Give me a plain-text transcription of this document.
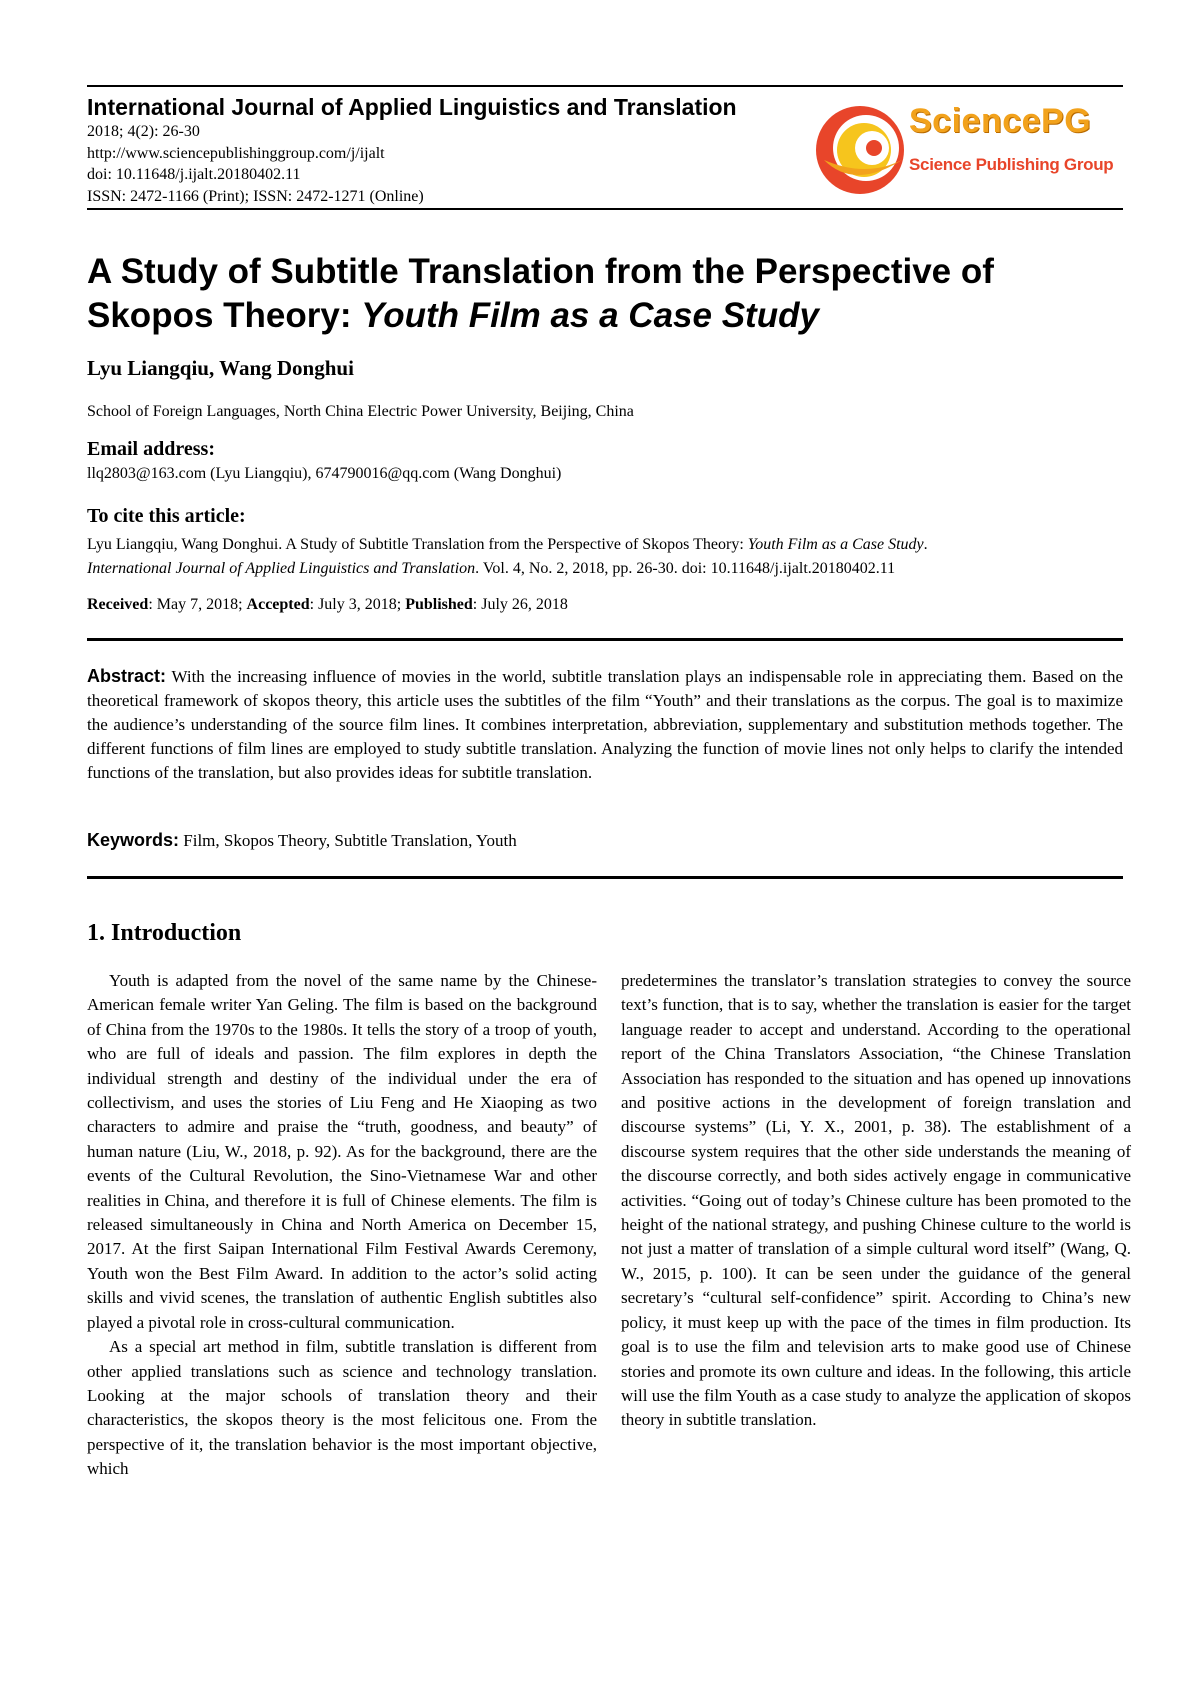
International Journal of Applied Linguistics and Translation
2018; 4(2): 26-30
http://www.sciencepublishinggroup.com/j/ijalt
doi: 10.11648/j.ijalt.20180402.11
ISSN: 2472-1166 (Print); ISSN: 2472-1271 (Online)
SciencePG
Science Publishing Group
A Study of Subtitle Translation from the Perspective of Skopos Theory: Youth Film as a Case Study
Lyu Liangqiu, Wang Donghui
School of Foreign Languages, North China Electric Power University, Beijing, China
Email address:
llq2803@163.com (Lyu Liangqiu), 674790016@qq.com (Wang Donghui)
To cite this article:
Lyu Liangqiu, Wang Donghui. A Study of Subtitle Translation from the Perspective of Skopos Theory: Youth Film as a Case Study.
International Journal of Applied Linguistics and Translation. Vol. 4, No. 2, 2018, pp. 26-30. doi: 10.11648/j.ijalt.20180402.11
Received: May 7, 2018; Accepted: July 3, 2018; Published: July 26, 2018
Abstract: With the increasing influence of movies in the world, subtitle translation plays an indispensable role in appreciating them. Based on the theoretical framework of skopos theory, this article uses the subtitles of the film “Youth” and their translations as the corpus. The goal is to maximize the audience’s understanding of the source film lines. It combines interpretation, abbreviation, supplementary and substitution methods together. The different functions of film lines are employed to study subtitle translation. Analyzing the function of movie lines not only helps to clarify the intended functions of the translation, but also provides ideas for subtitle translation.
Keywords: Film, Skopos Theory, Subtitle Translation, Youth
1. Introduction

Youth is adapted from the novel of the same name by the Chinese-American female writer Yan Geling. The film is based on the background of China from the 1970s to the 1980s. It tells the story of a troop of youth, who are full of ideals and passion. The film explores in depth the individual strength and destiny of the individual under the era of collectivism, and uses the stories of Liu Feng and He Xiaoping as two characters to admire and praise the “truth, goodness, and beauty” of human nature (Liu, W., 2018, p. 92). As for the background, there are the events of the Cultural Revolution, the Sino-Vietnamese War and other realities in China, and therefore it is full of Chinese elements. The film is released simultaneously in China and North America on December 15, 2017. At the first Saipan International Film Festival Awards Ceremony, Youth won the Best Film Award. In addition to the actor’s solid acting skills and vivid scenes, the translation of authentic English subtitles also played a pivotal role in cross-cultural communication.

As a special art method in film, subtitle translation is different from other applied translations such as science and technology translation. Looking at the major schools of translation theory and their characteristics, the skopos theory is the most felicitous one. From the perspective of it, the translation behavior is the most important objective, which

predetermines the translator’s translation strategies to convey the source text’s function, that is to say, whether the translation is easier for the target language reader to accept and understand. According to the operational report of the China Translators Association, “the Chinese Translation Association has responded to the situation and has opened up innovations and positive actions in the development of foreign translation and discourse systems” (Li, Y. X., 2001, p. 38). The establishment of a discourse system requires that the other side understands the meaning of the discourse correctly, and both sides actively engage in communicative activities. “Going out of today’s Chinese culture has been promoted to the height of the national strategy, and pushing Chinese culture to the world is not just a matter of translation of a simple cultural word itself” (Wang, Q. W., 2015, p. 100). It can be seen under the guidance of the general secretary’s “cultural self-confidence” spirit. According to China’s new policy, it must keep up with the pace of the times in film production. Its goal is to use the film and television arts to make good use of Chinese stories and promote its own culture and ideas. In the following, this article will use the film Youth as a case study to analyze the application of skopos theory in subtitle translation.
